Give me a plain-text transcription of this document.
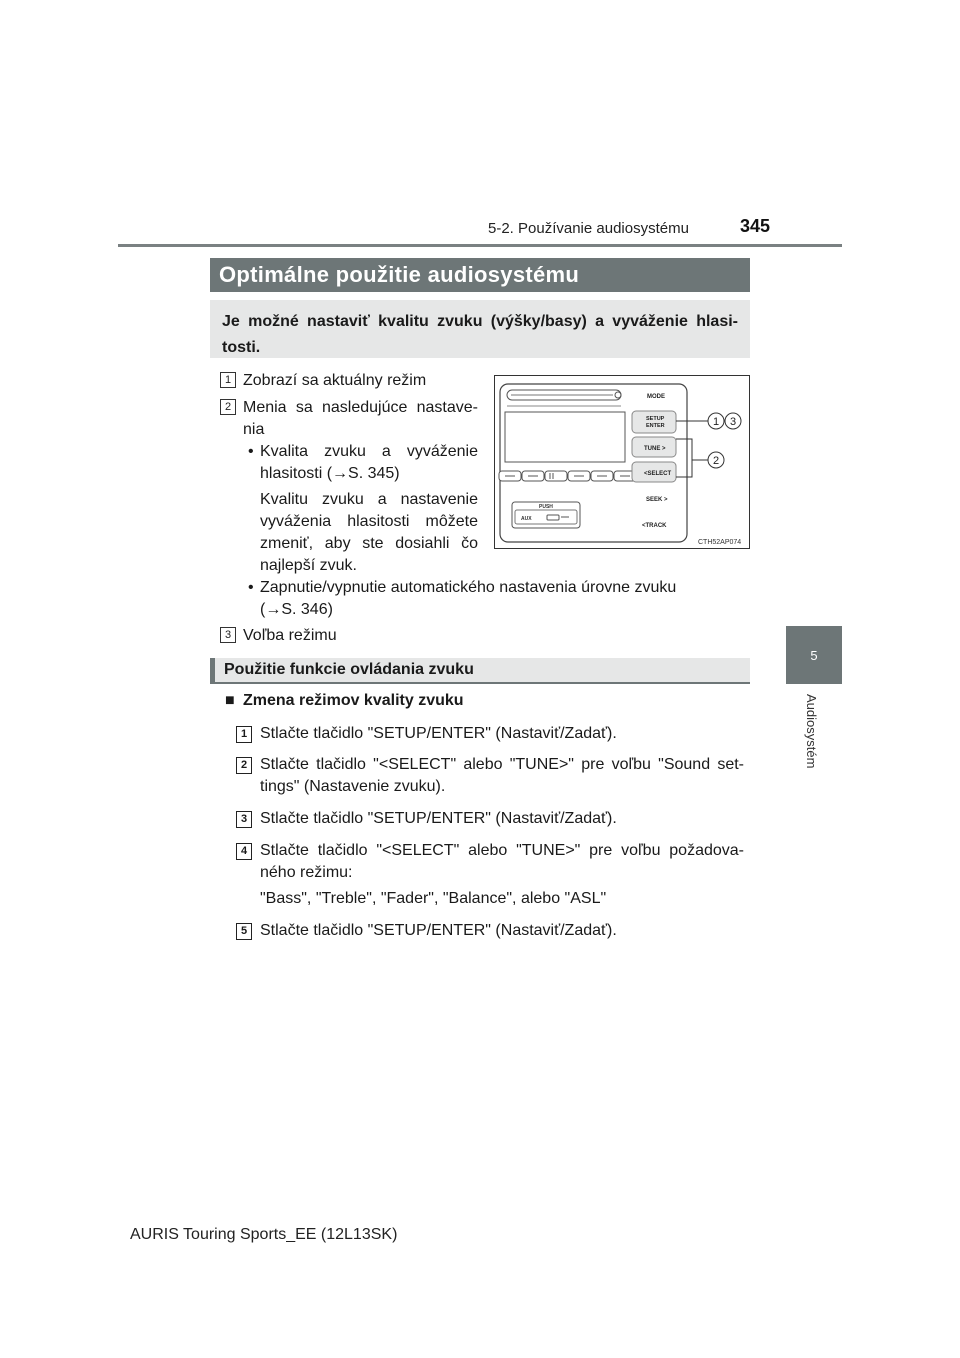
5-2. Používanie audiosystému	345
5
Audiosystém
Optimálne použitie audiosystému
Je možné nastaviť kvalitu zvuku (výšky/basy) a vyváženie hlasi-tosti.
1 Zobrazí sa aktuálny režim
2 Menia sa nasledujúce nastave-
nia
• Kvalita zvuku a vyváženie
hlasitosti (→S. 345)
Kvalitu zvuku a nastavenie
vyváženia hlasitosti môžete
zmeniť, aby ste dosiahli čo
najlepší zvuk.
• Zapnutie/vypnutie automatického nastavenia úrovne zvuku
(→S. 346)
3 Voľba režimu
PUSH
AUX
MODE
SETUP
ENTER
TUNE >
<SELECT
SEEK >
<TRACK
1 3
2
CTH52AP074
Použitie funkcie ovládania zvuku
■ Zmena režimov kvality zvuku
1 Stlačte tlačidlo "SETUP/ENTER" (Nastaviť/Zadať).
2 Stlačte tlačidlo "<SELECT" alebo "TUNE>" pre voľbu "Sound set-
tings" (Nastavenie zvuku).
3 Stlačte tlačidlo "SETUP/ENTER" (Nastaviť/Zadať).
4 Stlačte tlačidlo "<SELECT" alebo "TUNE>" pre voľbu požadova-
ného režimu:
"Bass", "Treble", "Fader", "Balance", alebo "ASL"
5 Stlačte tlačidlo "SETUP/ENTER" (Nastaviť/Zadať).
AURIS Touring Sports_EE (12L13SK)
